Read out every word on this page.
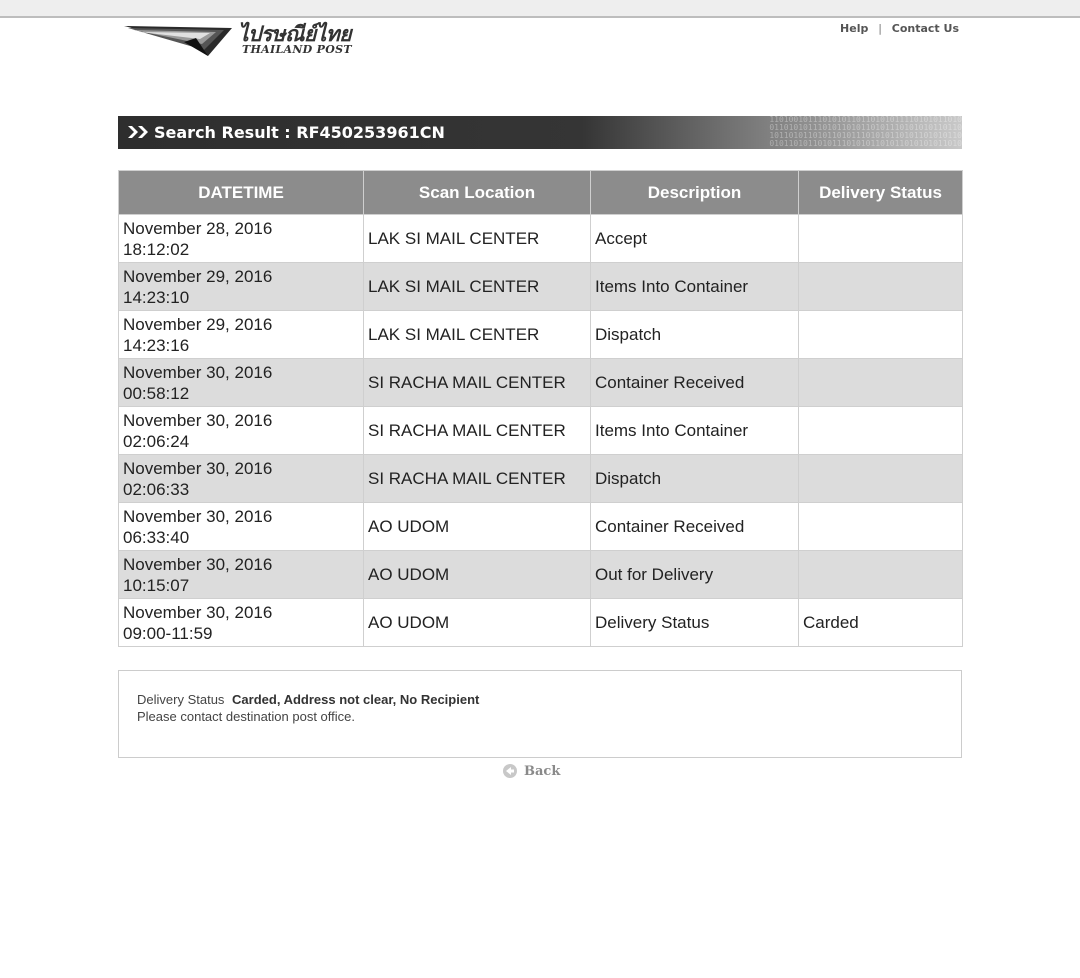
ไปรษณีย์ไทย
THAILAND POST
Help | Contact Us
1101001011101010110110101011110101011010
0110101011101011010110101110101010110110
1011010110101101011101010110101101010110
0101101011010111010101101011010101011010
Search Result : RF450253961CN
DATETIME	Scan Location	Description	Delivery Status

November 28, 2016
18:12:02	LAK SI MAIL CENTER	Accept	

November 29, 2016
14:23:10	LAK SI MAIL CENTER	Items Into Container	

November 29, 2016
14:23:16	LAK SI MAIL CENTER	Dispatch	

November 30, 2016
00:58:12	SI RACHA MAIL CENTER	Container Received	

November 30, 2016
02:06:24	SI RACHA MAIL CENTER	Items Into Container	

November 30, 2016
02:06:33	SI RACHA MAIL CENTER	Dispatch	

November 30, 2016
06:33:40	AO UDOM	Container Received	

November 30, 2016
10:15:07	AO UDOM	Out for Delivery	

November 30, 2016
09:00-11:59	AO UDOM	Delivery Status	Carded
Delivery Status Carded, Address not clear, No Recipient
Please contact destination post office.
Back
